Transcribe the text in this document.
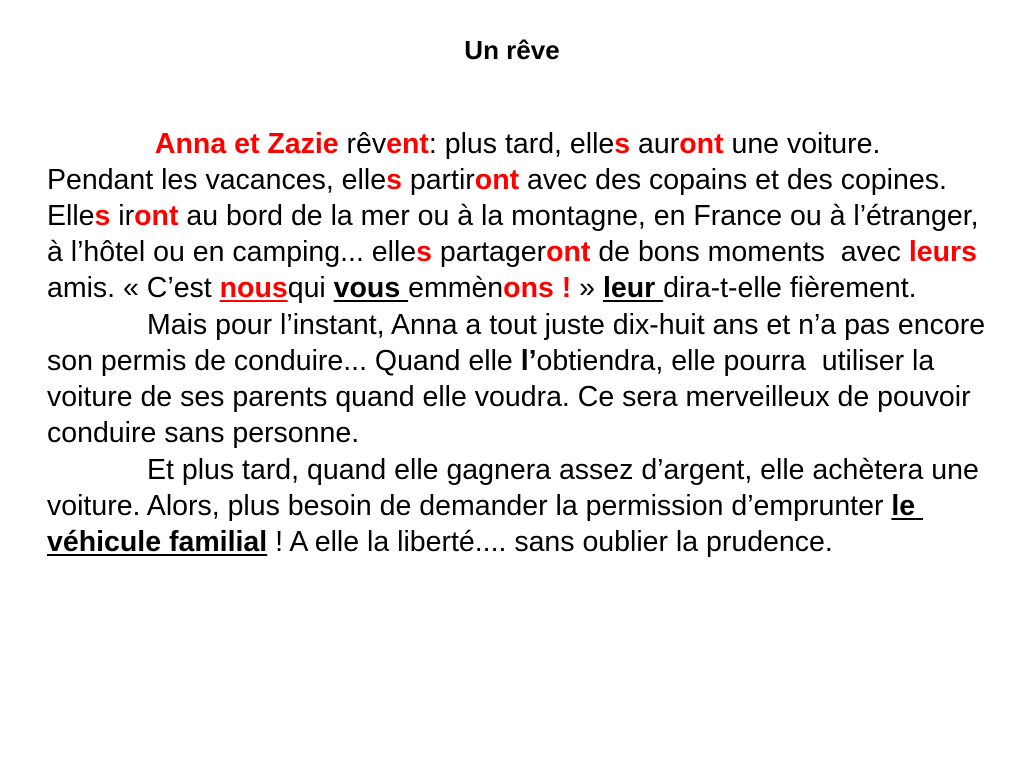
Un rêve

Anna et Zazie rêvent: plus tard, elles auront une voiture. Pendant les vacances, elles partiront avec des copains et des copines. Elles iront au bord de la mer ou à la montagne, en France ou à l’étranger, à l’hôtel ou en camping... elles partageront de bons moments  avec leurs amis. « C’est nousqui vous emmènons ! » leur dira-t-elle fièrement.

Mais pour l’instant, Anna a tout juste dix-huit ans et n’a pas encore son permis de conduire... Quand elle l’obtiendra, elle pourra  utiliser la voiture de ses parents quand elle voudra. Ce sera merveilleux de pouvoir conduire sans personne.

Et plus tard, quand elle gagnera assez d’argent, elle achètera une  voiture. Alors, plus besoin de demander la permission d’emprunter le véhicule familial ! A elle la liberté.... sans oublier la prudence.
